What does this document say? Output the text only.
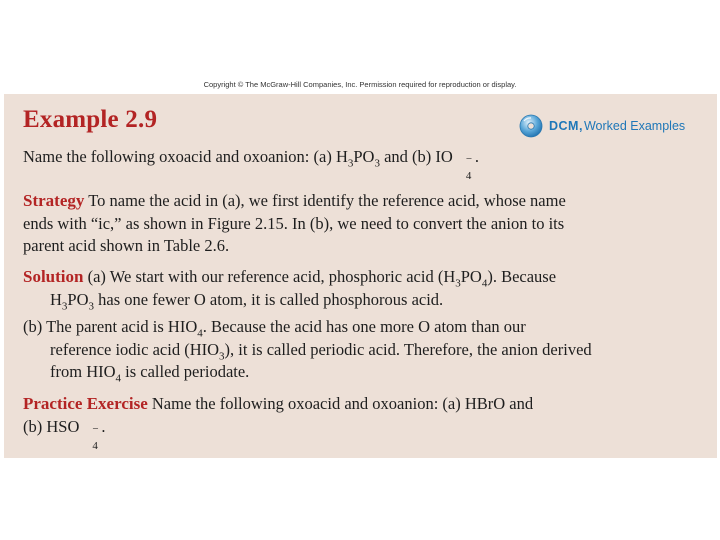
Copyright © The McGraw-Hill Companies, Inc. Permission required for reproduction or display.
Example 2.9	DCM, Worked Examples
Name the following oxoacid and oxoanion: (a) $H_3PO_3$ and (b) IO −
4
.
Strategy To name the acid in (a), we first identify the reference acid, whose name
ends with “ic,” as shown in Figure 2.15. In (b), we need to convert the anion to its
parent acid shown in Table 2.6.
Solution (a) We start with our reference acid, phosphoric acid $(H_3PO_4)$. Because
$H_3PO_3$ has one fewer O atom, it is called phosphorous acid.
(b) The parent acid is $HIO_4$. Because the acid has one more O atom than our
reference iodic acid $(HIO_3)$, it is called periodic acid. Therefore, the anion derived
from $HIO_4$ is called periodate.
Practice Exercise Name the following oxoacid and oxoanion: (a) HBrO and
(b) HSO −
4
.
